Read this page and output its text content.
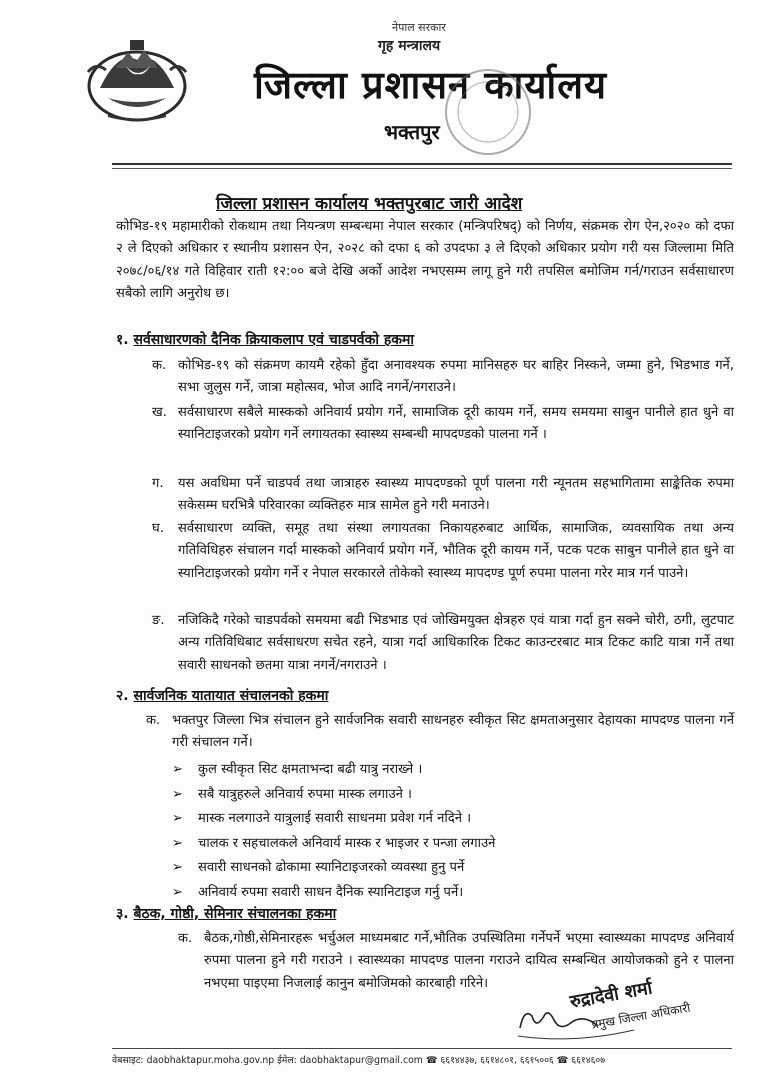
नेपाल सरकार
गृह मन्त्रालय
जिल्ला प्रशासन कार्यालय
भक्तपुर
जिल्ला प्रशासन कार्यालय भक्तपुरबाट जारी आदेश
कोभिड-१९ महामारीको रोकथाम तथा नियन्त्रण सम्बन्धमा नेपाल सरकार (मन्त्रिपरिषद्) को निर्णय, संक्रमक रोग ऐन,२०२० को दफा २ ले दिएको अधिकार र स्थानीय प्रशासन ऐन, २०२८ को दफा ६ को उपदफा ३ ले दिएको अधिकार प्रयोग गरी यस जिल्लामा मिति २०७८/०६/१४ गते विहिवार राती १२:०० बजे देखि अर्को आदेश नभएसम्म लागू हुने गरी तपसिल बमोजिम गर्न/गराउन सर्वसाधारण सबैको लागि अनुरोध छ।
१. सर्वसाधारणको दैनिक क्रियाकलाप एवं चाडपर्वको हकमा
क. कोभिड-१९ को संक्रमण कायमै रहेको हुँदा अनावश्यक रुपमा मानिसहरु घर बाहिर निस्कने, जम्मा हुने, भिडभाड गर्ने, सभा जुलुस गर्ने, जात्रा महोत्सव, भोज आदि नगर्ने/नगराउने।
ख. सर्वसाधारण सबैले मास्कको अनिवार्य प्रयोग गर्ने, सामाजिक दूरी कायम गर्ने, समय समयमा साबुन पानीले हात धुने वा स्यानिटाइजरको प्रयोग गर्ने लगायतका स्वास्थ्य सम्बन्धी मापदण्डको पालना गर्ने ।
ग. यस अवधिमा पर्ने चाडपर्व तथा जात्राहरु स्वास्थ्य मापदण्डको पूर्ण पालना गरी न्यूनतम सहभागितामा साङ्केतिक रुपमा सकेसम्म घरभित्रै परिवारका व्यक्तिहरु मात्र सामेल हुने गरी मनाउने।
घ. सर्वसाधारण व्यक्ति, समूह तथा संस्था लगायतका निकायहरुबाट आर्थिक, सामाजिक, व्यवसायिक तथा अन्य गतिविधिहरु संचालन गर्दा मास्कको अनिवार्य प्रयोग गर्ने, भौतिक दूरी कायम गर्ने, पटक पटक साबुन पानीले हात धुने वा स्यानिटाइजरको प्रयोग गर्ने र नेपाल सरकारले तोकेको स्वास्थ्य मापदण्ड पूर्ण रुपमा पालना गरेर मात्र गर्न पाउने।
ङ. नजिकिदै गरेको चाडपर्वको समयमा बढी भिडभाड एवं जोखिमयुक्त क्षेत्रहरु एवं यात्रा गर्दा हुन सक्ने चोरी, ठगी, लुटपाट अन्य गतिविधिबाट सर्वसाधरण सचेत रहने, यात्रा गर्दा आधिकारिक टिकट काउन्टरबाट मात्र टिकट काटि यात्रा गर्ने तथा सवारी साधनको छतमा यात्रा नगर्ने/नगराउने ।
२. सार्वजनिक यातायात संचालनको हकमा
क. भक्तपुर जिल्ला भित्र संचालन हुने सार्वजनिक सवारी साधनहरु स्वीकृत सिट क्षमताअनुसार देहायका मापदण्ड पालना गर्ने गरी संचालन गर्ने।
➢	कुल स्वीकृत सिट क्षमताभन्दा बढी यात्रु नराख्ने ।
➢	सबै यात्रुहरुले अनिवार्य रुपमा मास्क लगाउने ।
➢	मास्क नलगाउने यात्रुलाई सवारी साधनमा प्रवेश गर्न नदिने ।
➢	चालक र सहचालकले अनिवार्य मास्क र भाइजर र पन्जा लगाउने
➢	सवारी साधनको ढोकामा स्यानिटाइजरको व्यवस्था हुनु पर्ने
➢	अनिवार्य रुपमा सवारी साधन दैनिक स्यानिटाइज गर्नु पर्ने।
३. बैठक, गोष्ठी, सेमिनार संचालनका हकमा
क. बैठक,गोष्ठी,सेमिनारहरू भर्चुअल माध्यमबाट गर्ने,भौतिक उपस्थितिमा गर्नेपर्ने भएमा स्वास्थ्यका मापदण्ड अनिवार्य रुपमा पालना हुने गरी गराउने । स्वास्थ्यका मापदण्ड पालना गराउने दायित्व सम्बन्धित आयोजकको हुने र पालना नभएमा पाइएमा निजलाई कानुन बमोजिमको कारबाही गरिने।	रुद्रादेवी शर्मा
प्रमुख जिल्ला अधिकारी
वेबसाइट: daobhaktapur.moha.gov.np ईमेल: daobhaktapur@gmail.com ☎ ६६१४४३७, ६६१४८०१, ६६१५००६ ☎ ६६१४६०७
